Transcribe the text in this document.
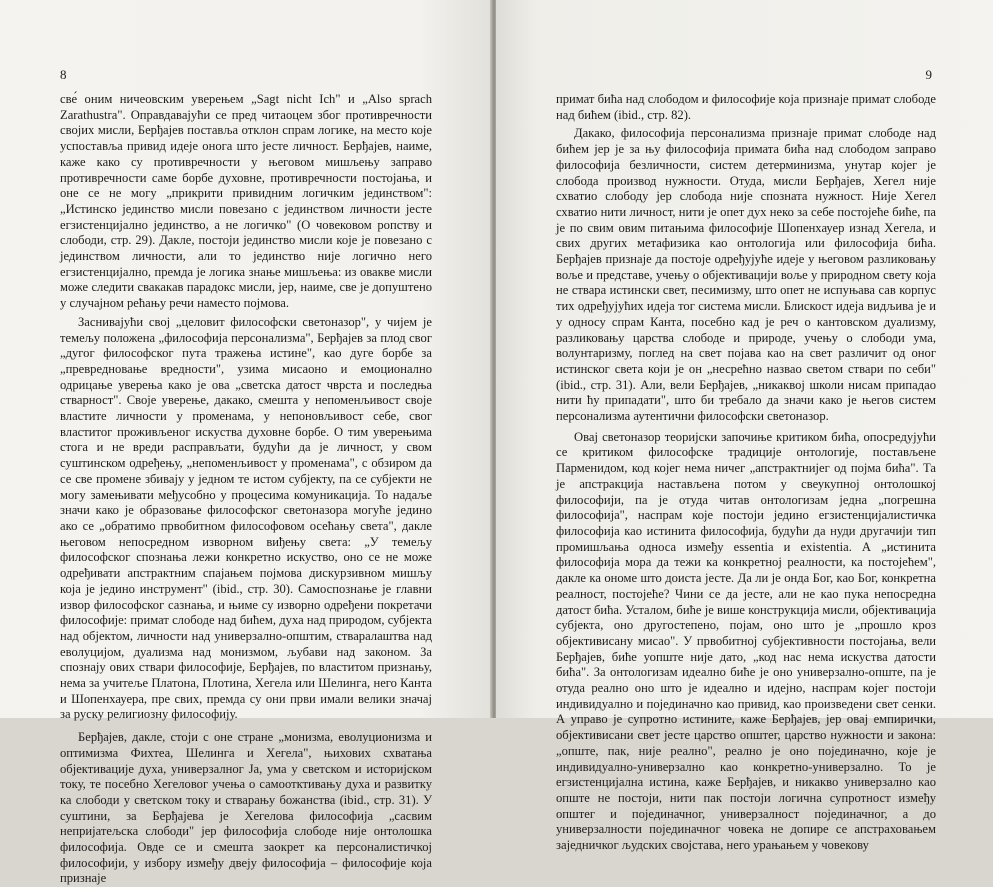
8

све́ оним ничеовским уверењем „Sagt nicht Ich" и „Also sprach Zarathustra". Оправдавајући се пред читаоцем због противречности својих мисли, Берђајев поставља отклон спрам логике, на место које успоставља привид идеје онога што јесте личност. Берђајев, наиме, каже како су противречности у његовом мишљењу заправо противречности саме борбе духовне, противречности постојања, и оне се не могу „прикрити привидним логичким јединством": „Истинско јединство мисли повезано с јединством личности јесте егзистенцијално јединство, а не логичко" (О човековом ропству и слободи, стр. 29). Дакле, постоји јединство мисли које је повезано с јединством личности, али то јединство није логично него егзистенцијално, премда је логика знање мишљења: из овакве мисли може следити свакакав парадокс мисли, јер, наиме, све је допуштено у случајном рећању речи наместо појмова.

Заснивајући свој „целовит философски светоназор", у чијем је темељу положена „философија персонализма", Берђајев за плод свог „дугог философског пута тражења истине", као дуге борбе за „превредновање вредности", узима мисаоно и емоционално одрицање уверења како је ова „светска датост чврста и последња стварност". Своје уверење, дакако, смешта у непоменљивост своје властите личности у променама, у непоновљивост себе, свог властитог проживљеног искуства духовне борбе. О тим уверењима стога и не вреди расправљати, будући да је личност, у свом суштинском одређењу, „непоменљивост у променама", с обзиром да се све промене збивају у једном те истом субјекту, па се субјекти не могу замењивати међусобно у процесима комуникација. То надаље значи како је образовање философског светоназора могуће једино ако се „обратимо првобитном философовом осећању света", дакле његовом непосредном изворном виђењу света: „У темељу философског спознања лежи конкретно искуство, оно се не може одређивати апстрактним спајањем појмова дискурзивном мишљу која је једино инструмент" (ibid., стр. 30). Самоспознање је главни извор философског сазнања, и њиме су изворно одређени покретачи философије: примат слободе над бићем, духа над природом, субјекта над објектом, личности над универзално-општим, стваралаштва над еволуцијом, дуализма над монизмом, љубави над законом. За спознају ових ствари философије, Берђајев, по властитом признању, нема за учитеље Платона, Плотина, Хегела или Шелинга, него Канта и Шопенхауера, пре свих, премда су они први имали велики значај за руску религиозну философију.

Берђајев, дакле, стоји с оне стране „монизма, еволуционизма и оптимизма Фихтеа, Шелинга и Хегела", њихових схватања објективације духа, универзалног Ја, ума у светском и историјском току, те посебно Хегеловог учења о самоотктивању духа и развитку ка слободи у светском току и стварању божанства (ibid., стр. 31). У суштини, за Берђајева је Хегелова философија „сасвим непријатељска слободи" јер философија слободе није онтолошка философија. Овде се и смешта заокрет ка персоналистичкој философији, у избору између двеју философија – философије која признаје

9

примат бића над слободом и философије која признаје примат слободе над бићем (ibid., стр. 82).

Дакако, философија персонализма признаје примат слободе над бићем јер је за њу философија примата бића над слободом заправо философија безличности, систем детерминизма, унутар којег је слобода производ нужности. Отуда, мисли Берђајев, Хегел није схватио слободу јер слобода није спозната нужност. Није Хегел схватио нити личност, нити је опет дух неко за себе постојеће биће, па је по свим овим питањима философије Шопенхауер изнад Хегела, и свих других метафизика као онтологија или философија бића. Берђајев признаје да постоје одређујуће идеје у његовом разликовању воље и представе, учењу о објективацији воље у природном свету која не ствара истински свет, песимизму, што опет не испуњава сав корпус тих одређујућих идеја тог система мисли. Блискост идеја видљива је и у односу спрам Канта, посебно кад је реч о кантовском дуализму, разликовању царства слободе и природе, учењу о слободи ума, волунтаризму, поглед на свет појава као на свет различит од оног истинског света који је он „несрећно назвао светом ствари по себи" (ibid., стр. 31). Али, вели Берђајев, „никаквој школи нисам припадао нити ћу припадати", што би требало да значи како је његов систем персонализма аутентични философски светоназор.

Овај светоназор теоријски започиње критиком бића, опосредујући се критиком философске традиције онтологије, постављене Парменидом, код којег нема ничег „апстрактнијег од појма бића". Та је апстракција настављена потом у свеукупној онтолошкој философији, па је отуда читав онтологизам једна „погрешна философија", наспрам које постоји једино егзистенцијалистичка философија као истинита философија, будући да нуди другачији тип промишљања односа између essentia и existentia. А „истинита философија мора да тежи ка конкретној реалности, ка постојећем", дакле ка ономе што доиста јесте. Да ли је онда Бог, као Бог, конкретна реалност, постојеће? Чини се да јесте, али не као пука непосредна датост бића. Усталом, биће је више конструкција мисли, објективација субјекта, оно другостепено, појам, оно што је „прошло кроз објективисану мисао". У првобитној субјективности постојања, вели Берђајев, биће уопште није дато, „код нас нема искуства датости бића". За онтологизам идеално биће је оно универзално-опште, па је отуда реално оно што је идеално и идејно, наспрам којег постоји индивидуално и појединачно као привид, као произведени свет сенки. А управо је супротно истините, каже Берђајев, јер овај емпирички, објективисани свет јесте царство општег, царство нужности и закона: „опште, пак, није реално", реално је оно појединачно, које је индивидуално-универзално као конкретно-универзално. То је егзистенцијална истина, каже Берђајев, и никакво универзално као опште не постоји, нити пак постоји логична супротност између општег и појединачног, универзалност појединачног, а до универзалности појединачног човека не допире се апстраховањем заједничког људских својстава, него урањањем у човекову
